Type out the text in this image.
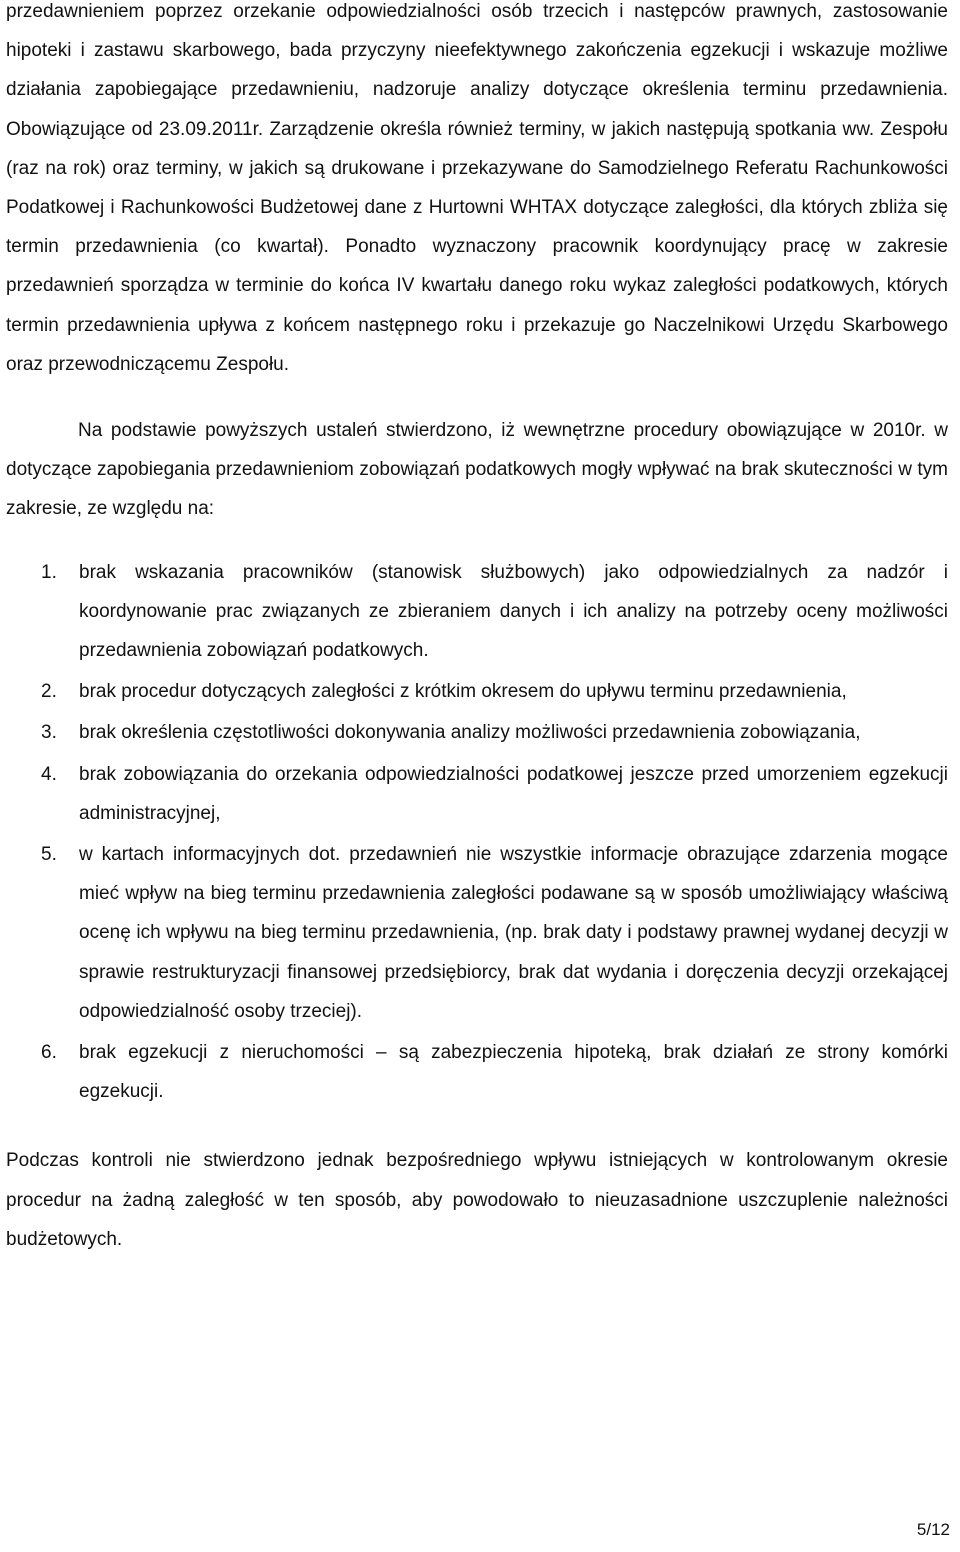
przedawnieniem poprzez orzekanie odpowiedzialności osób trzecich i następców prawnych, zastosowanie hipoteki i zastawu skarbowego, bada przyczyny nieefektywnego zakończenia egzekucji i wskazuje możliwe działania zapobiegające przedawnieniu, nadzoruje analizy dotyczące określenia terminu przedawnienia. Obowiązujące od 23.09.2011r. Zarządzenie określa również terminy, w jakich następują spotkania ww. Zespołu (raz na rok) oraz terminy, w jakich są drukowane i przekazywane do Samodzielnego Referatu Rachunkowości Podatkowej i Rachunkowości Budżetowej dane z Hurtowni WHTAX dotyczące zaległości, dla których zbliża się termin przedawnienia (co kwartał). Ponadto wyznaczony pracownik koordynujący pracę w zakresie przedawnień sporządza w terminie do końca IV kwartału danego roku wykaz zaległości podatkowych, których termin przedawnienia upływa z końcem następnego roku i przekazuje go Naczelnikowi Urzędu Skarbowego oraz przewodniczącemu Zespołu.

Na podstawie powyższych ustaleń stwierdzono, iż wewnętrzne procedury obowiązujące w 2010r. w dotyczące zapobiegania przedawnieniom zobowiązań podatkowych mogły wpływać na brak skuteczności w tym zakresie, ze względu na:

1. brak wskazania pracowników (stanowisk służbowych) jako odpowiedzialnych za nadzór i koordynowanie prac związanych ze zbieraniem danych i ich analizy na potrzeby oceny możliwości przedawnienia zobowiązań podatkowych.
2. brak procedur dotyczących zaległości z krótkim okresem do upływu terminu przedawnienia,
3. brak określenia częstotliwości dokonywania analizy możliwości przedawnienia zobowiązania,
4. brak zobowiązania do orzekania odpowiedzialności podatkowej jeszcze przed umorzeniem egzekucji administracyjnej,
5. w kartach informacyjnych dot. przedawnień nie wszystkie informacje obrazujące zdarzenia mogące mieć wpływ na bieg terminu przedawnienia zaległości podawane są w sposób umożliwiający właściwą ocenę ich wpływu na bieg terminu przedawnienia, (np. brak daty i podstawy prawnej wydanej decyzji w sprawie restrukturyzacji finansowej przedsiębiorcy, brak dat wydania i doręczenia decyzji orzekającej odpowiedzialność osoby trzeciej).
6. brak egzekucji z nieruchomości – są zabezpieczenia hipoteką, brak działań ze strony komórki egzekucji.

Podczas kontroli nie stwierdzono jednak bezpośredniego wpływu istniejących w kontrolowanym okresie procedur na żadną zaległość w ten sposób, aby powodowało to nieuzasadnione uszczuplenie należności budżetowych.

5/12
